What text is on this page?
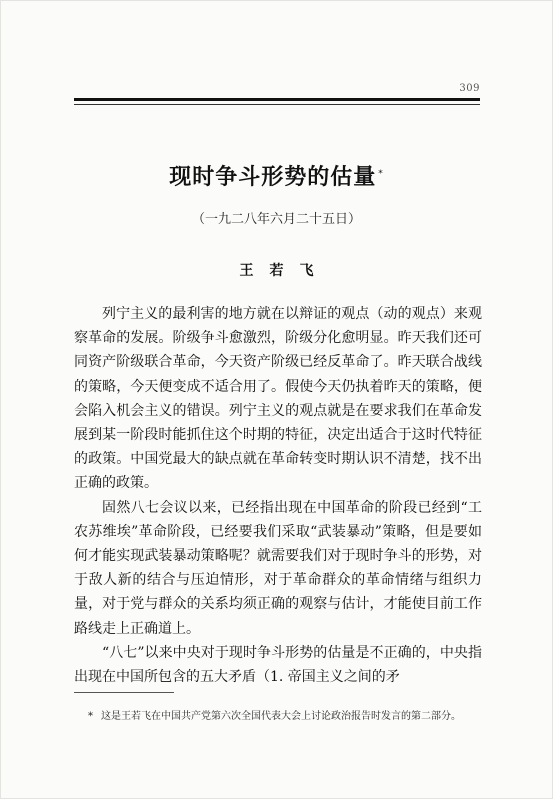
309
现时争斗形势的估量 *
（一九二八年六月二十五日）
王若飞

列宁主义的最利害的地方就在以辩证的观点（动的观点）来观察革命的发展。阶级争斗愈激烈，阶级分化愈明显。昨天我们还可同资产阶级联合革命，今天资产阶级已经反革命了。昨天联合战线的策略，今天便变成不适合用了。假使今天仍执着昨天的策略，便会陷入机会主义的错误。列宁主义的观点就是在要求我们在革命发展到某一阶段时能抓住这个时期的特征，决定出适合于这时代特征的政策。中国党最大的缺点就在革命转变时期认识不清楚，找不出正确的政策。

固然八七会议以来，已经指出现在中国革命的阶段已经到“工农苏维埃”革命阶段，已经要我们采取“武装暴动”策略，但是要如何才能实现武装暴动策略呢？就需要我们对于现时争斗的形势，对于敌人新的结合与压迫情形，对于革命群众的革命情绪与组织力量，对于党与群众的关系均须正确的观察与估计，才能使目前工作路线走上正确道上。

“八七”以来中央对于现时争斗形势的估量是不正确的，中央指出现在中国所包含的五大矛盾（1. 帝国主义之间的矛

* 这是王若飞在中国共产党第六次全国代表大会上讨论政治报告时发言的第二部分。
